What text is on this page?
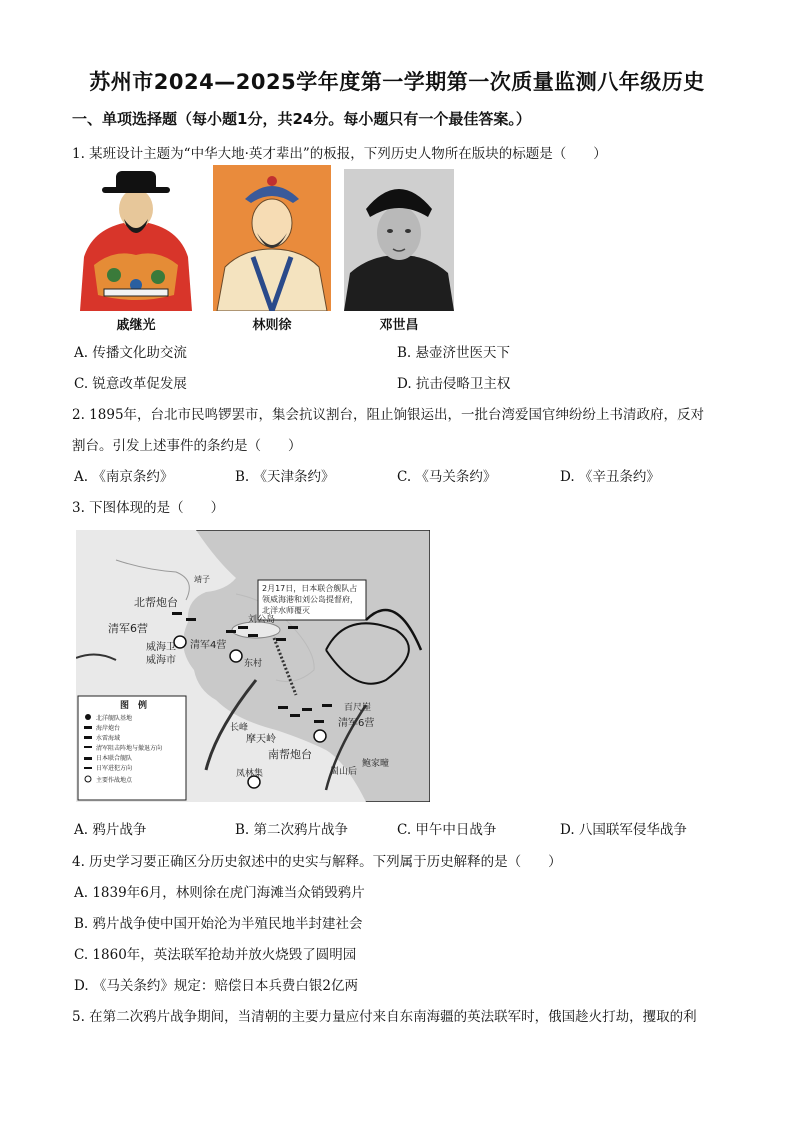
苏州市2024—2025学年度第一学期第一次质量监测八年级历史
一、单项选择题（每小题1分，共24分。每小题只有一个最佳答案。）
1. 某班设计主题为“中华大地·英才辈出”的板报，下列历史人物所在版块的标题是（　　）
戚继光	林则徐	邓世昌
A. 传播文化助交流	B. 悬壶济世医天下
C. 锐意改革促发展	D. 抗击侵略卫主权
2. 1895年，台北市民鸣锣罢市，集会抗议割台，阻止饷银运出，一批台湾爱国官绅纷纷上书清政府，反对
割台。引发上述事件的条约是（　　）
A. 《南京条约》	B. 《天津条约》	C. 《马关条约》	D. 《辛丑条约》
3. 下图体现的是（　　）
2月17日，日本联合舰队占
领威海港和刘公岛提督府，
北洋水师覆灭
靖子
北帮炮台
清军6营
威海卫
威海市
清军4营
刘公岛
东村
百尺崖
清军6营
长峰
摩天岭
南帮炮台
凤林集
鲍家疃
崮山后
图　例
北洋舰队基地
海岸炮台
水雷海域
清军阻击阵地与撤退方向
日本联合舰队
日军进犯方向
主要作战地点
A. 鸦片战争	B. 第二次鸦片战争	C. 甲午中日战争	D. 八国联军侵华战争
4. 历史学习要正确区分历史叙述中的史实与解释。下列属于历史解释的是（　　）
A. 1839年6月，林则徐在虎门海滩当众销毁鸦片
B. 鸦片战争使中国开始沦为半殖民地半封建社会
C. 1860年，英法联军抢劫并放火烧毁了圆明园
D. 《马关条约》规定：赔偿日本兵费白银2亿两
5. 在第二次鸦片战争期间，当清朝的主要力量应付来自东南海疆的英法联军时，俄国趁火打劫，攫取的利
